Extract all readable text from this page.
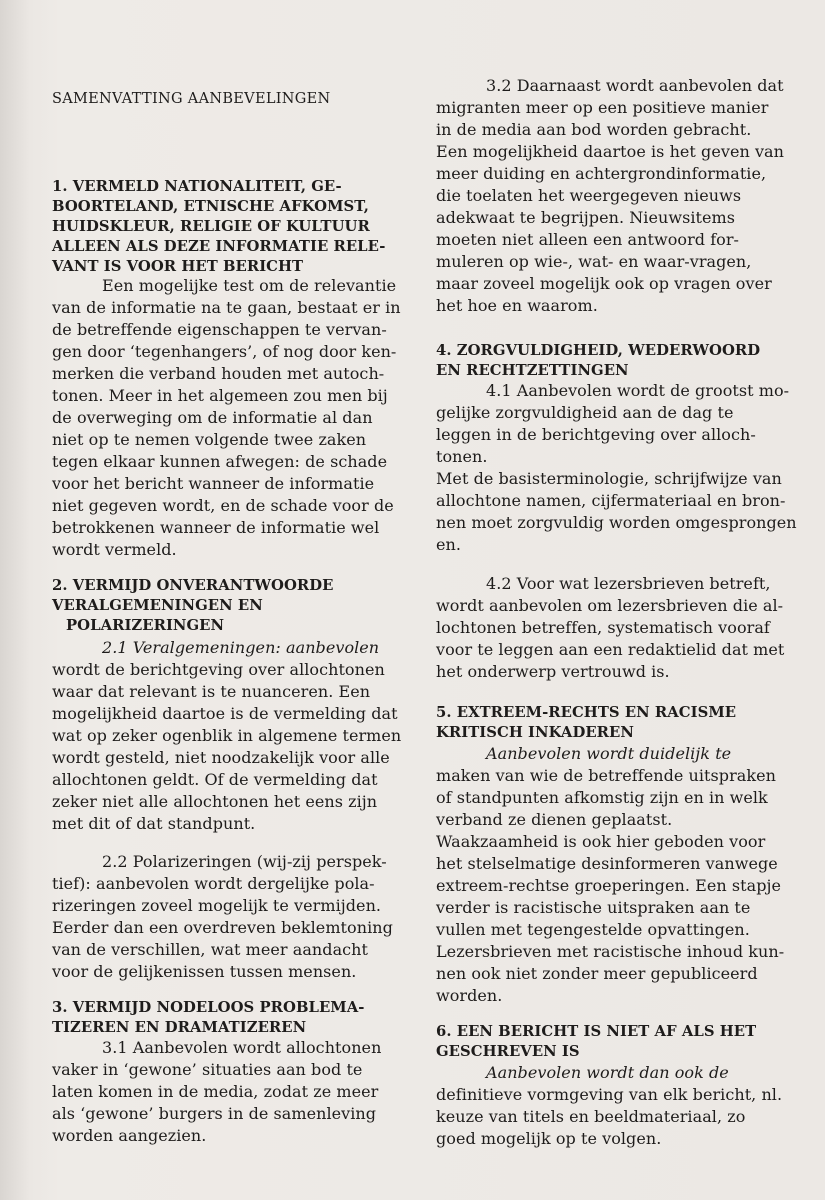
SAMENVATTING AANBEVELINGEN
1. VERMELD NATIONALITEIT, GE-
BOORTELAND, ETNISCHE AFKOMST,
HUIDSKLEUR, RELIGIE OF KULTUUR
ALLEEN ALS DEZE INFORMATIE RELE-
VANT IS VOOR HET BERICHT
Een mogelijke test om de relevantie
van de informatie na te gaan, bestaat er in
de betreffende eigenschappen te vervan-
gen door ‘tegenhangers’, of nog door ken-
merken die verband houden met autoch-
tonen. Meer in het algemeen zou men bij
de overweging om de informatie al dan
niet op te nemen volgende twee zaken
tegen elkaar kunnen afwegen: de schade
voor het bericht wanneer de informatie
niet gegeven wordt, en de schade voor de
betrokkenen wanneer de informatie wel
wordt vermeld.
2. VERMIJD ONVERANTWOORDE
VERALGEMENINGEN EN
POLARIZERINGEN
2.1 Veralgemeningen: aanbevolen
wordt de berichtgeving over allochtonen
waar dat relevant is te nuanceren. Een
mogelijkheid daartoe is de vermelding dat
wat op zeker ogenblik in algemene termen
wordt gesteld, niet noodzakelijk voor alle
allochtonen geldt. Of de vermelding dat
zeker niet alle allochtonen het eens zijn
met dit of dat standpunt.
2.2 Polarizeringen (wij-zij perspek-
tief): aanbevolen wordt dergelijke pola-
rizeringen zoveel mogelijk te vermijden.
Eerder dan een overdreven beklemtoning
van de verschillen, wat meer aandacht
voor de gelijkenissen tussen mensen.
3. VERMIJD NODELOOS PROBLEMA-
TIZEREN EN DRAMATIZEREN
3.1 Aanbevolen wordt allochtonen
vaker in ‘gewone’ situaties aan bod te
laten komen in de media, zodat ze meer
als ‘gewone’ burgers in de samenleving
worden aangezien.
3.2 Daarnaast wordt aanbevolen dat
migranten meer op een positieve manier
in de media aan bod worden gebracht.
Een mogelijkheid daartoe is het geven van
meer duiding en achtergrondinformatie,
die toelaten het weergegeven nieuws
adekwaat te begrijpen. Nieuwsitems
moeten niet alleen een antwoord for-
muleren op wie-, wat- en waar-vragen,
maar zoveel mogelijk ook op vragen over
het hoe en waarom.
4. ZORGVULDIGHEID, WEDERWOORD
EN RECHTZETTINGEN
4.1 Aanbevolen wordt de grootst mo-
gelijke zorgvuldigheid aan de dag te
leggen in de berichtgeving over alloch-
tonen.
Met de basisterminologie, schrijfwijze van
allochtone namen, cijfermateriaal en bron-
nen moet zorgvuldig worden omgesprongen
en.
4.2 Voor wat lezersbrieven betreft,
wordt aanbevolen om lezersbrieven die al-
lochtonen betreffen, systematisch vooraf
voor te leggen aan een redaktielid dat met
het onderwerp vertrouwd is.
5. EXTREEM-RECHTS EN RACISME
KRITISCH INKADEREN
Aanbevolen wordt duidelijk te
maken van wie de betreffende uitspraken
of standpunten afkomstig zijn en in welk
verband ze dienen geplaatst.
Waakzaamheid is ook hier geboden voor
het stelselmatige desinformeren vanwege
extreem-rechtse groeperingen. Een stapje
verder is racistische uitspraken aan te
vullen met tegengestelde opvattingen.
Lezersbrieven met racistische inhoud kun-
nen ook niet zonder meer gepubliceerd
worden.
6. EEN BERICHT IS NIET AF ALS HET
GESCHREVEN IS
Aanbevolen wordt dan ook de
definitieve vormgeving van elk bericht, nl.
keuze van titels en beeldmateriaal, zo
goed mogelijk op te volgen.
